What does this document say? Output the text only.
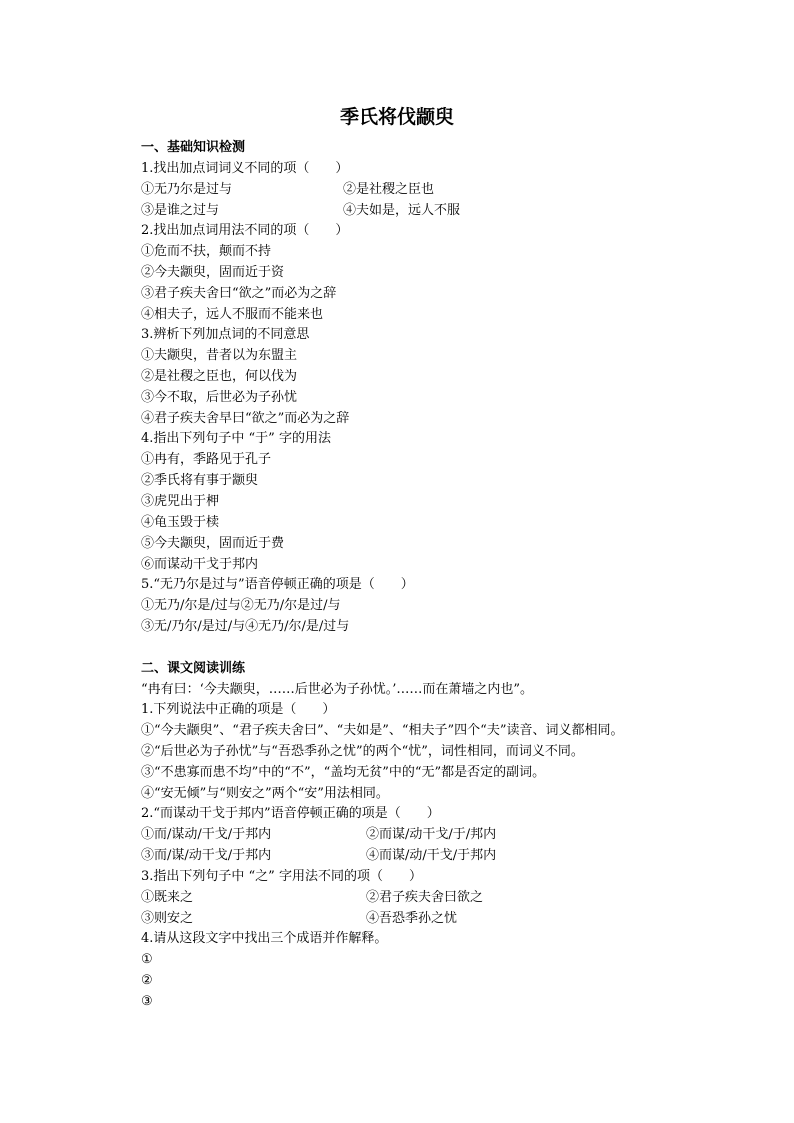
季氏将伐颛臾
一、基础知识检测
1.找出加点词词义不同的项（　　）
①无乃尔是过与	②是社稷之臣也
③是谁之过与	④夫如是，远人不服
2.找出加点词用法不同的项（　　）
①危而不扶，颠而不持
②今夫颛臾，固而近于资
③君子疾夫舍曰“欲之”而必为之辞
④相夫子，远人不服而不能来也
3.辨析下列加点词的不同意思
①夫颛臾，昔者以为东盟主
②是社稷之臣也，何以伐为
③今不取，后世必为子孙忧
④君子疾夫舍早曰“欲之”而必为之辞
4.指出下列句子中 “于” 字的用法
①冉有，季路见于孔子
②季氏将有事于颛臾
③虎兕出于柙
④龟玉毁于椟
⑤今夫颛臾，固而近于费
⑥而谋动干戈于邦内
5.“无乃尔是过与”语音停顿正确的项是（　　）
①无乃/尔是/过与②无乃/尔是过/与
③无/乃尔/是过/与④无乃/尔/是/过与
二、课文阅读训练
“冉有曰：‘今夫颛臾，……后世必为子孙忧。’……而在萧墙之内也”。
1.下列说法中正确的项是（　　）
①“今夫颛臾”、“君子疾夫舍曰”、“夫如是”、“相夫子”四个“夫”读音、词义都相同。
②“后世必为子孙忧”与“吾恐季孙之忧”的两个“忧”，词性相同，而词义不同。
③“不患寡而患不均”中的“不”，“盖均无贫”中的“无”都是否定的副词。
④“安无倾”与“则安之”两个“安”用法相同。
2.“而谋动干戈于邦内”语音停顿正确的项是（　　）
①而/谋动/干戈/于邦内	②而谋/动干戈/于/邦内
③而/谋/动干戈/于邦内	④而谋/动/干戈/于邦内
3.指出下列句子中 “之” 字用法不同的项（　　）
①既来之	②君子疾夫舍曰欲之
③则安之	④吾恐季孙之忧
4.请从这段文字中找出三个成语并作解释。
①
②
③
